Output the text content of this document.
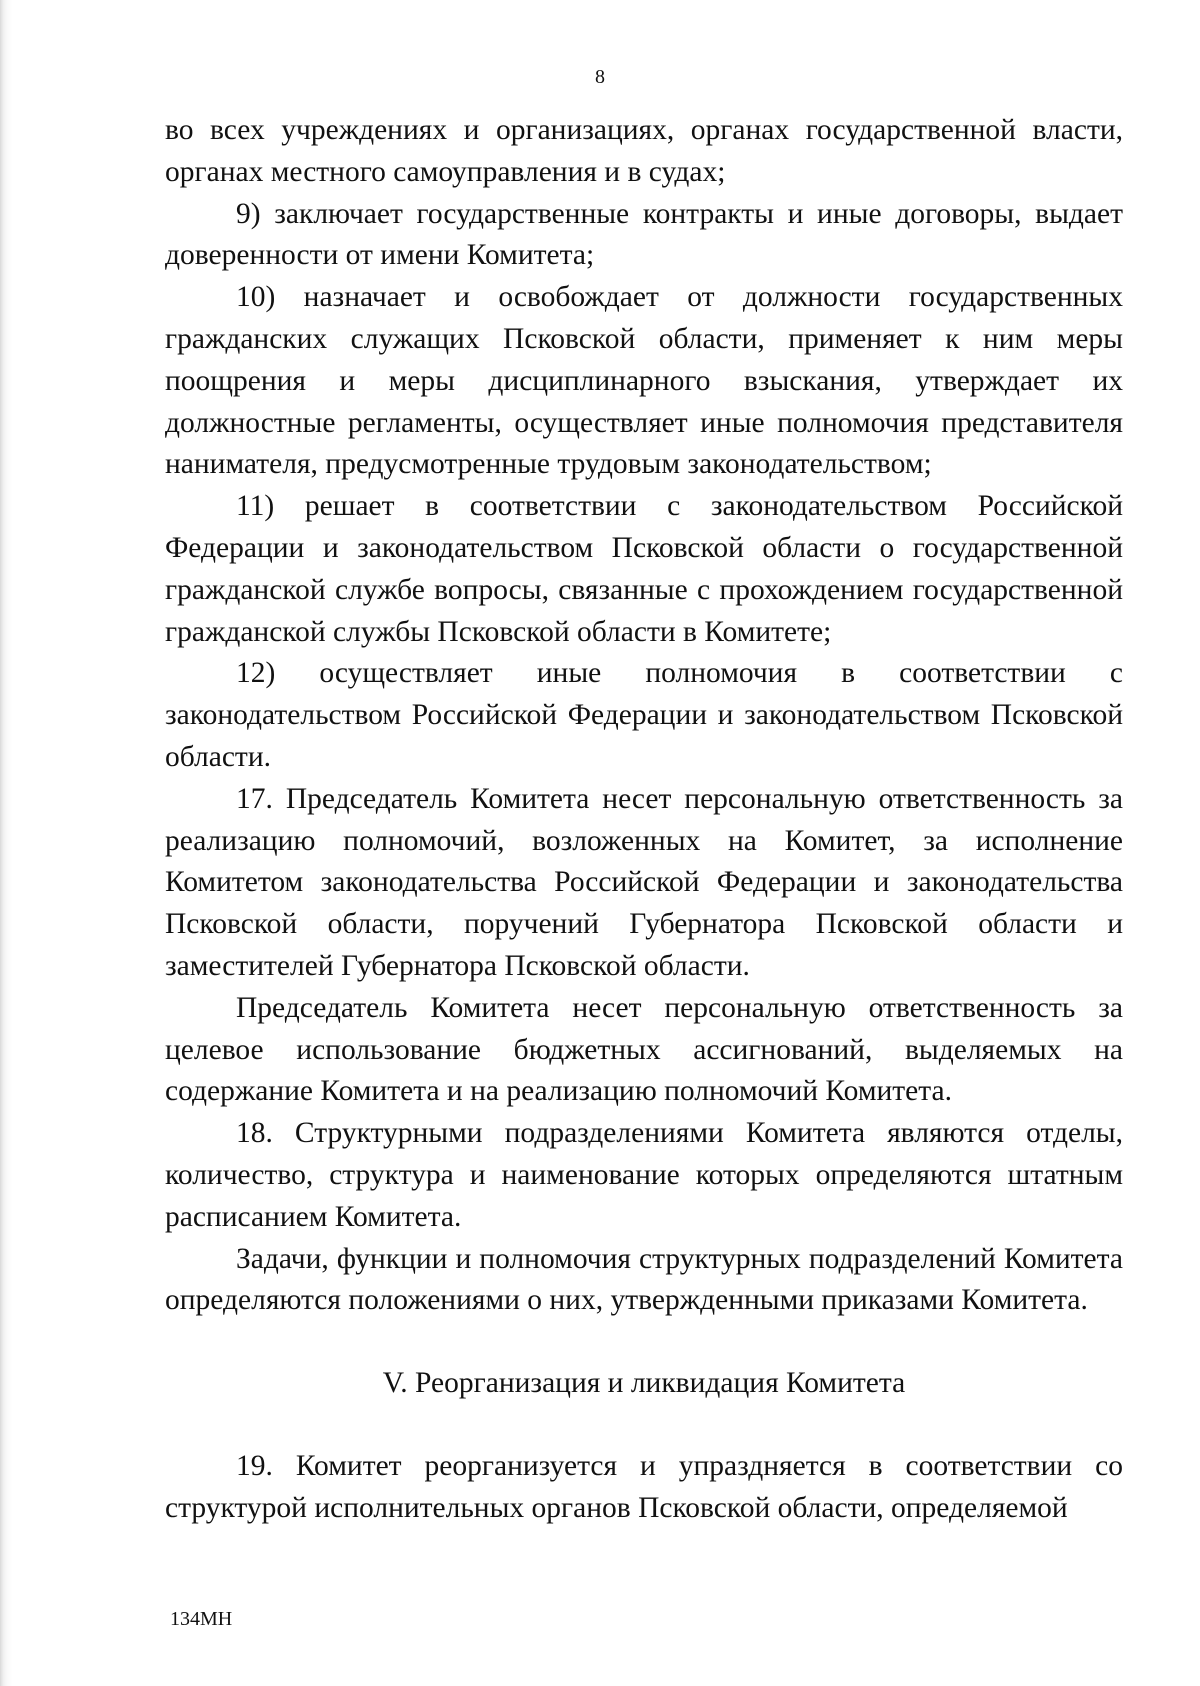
8

во всех учреждениях и организациях, органах государственной власти, органах местного самоуправления и в судах;

9) заключает государственные контракты и иные договоры, выдает доверенности от имени Комитета;

10) назначает и освобождает от должности государственных гражданских служащих Псковской области, применяет к ним меры поощрения и меры дисциплинарного взыскания, утверждает их должностные регламенты, осуществляет иные полномочия представителя нанимателя, предусмотренные трудовым законодательством;

11) решает в соответствии с законодательством Российской Федерации и законодательством Псковской области о государственной гражданской службе вопросы, связанные с прохождением государственной гражданской службы Псковской области в Комитете;

12) осуществляет иные полномочия в соответствии с законодательством Российской Федерации и законодательством Псковской области.

17. Председатель Комитета несет персональную ответственность за реализацию полномочий, возложенных на Комитет, за исполнение Комитетом законодательства Российской Федерации и законодательства Псковской области, поручений Губернатора Псковской области и заместителей Губернатора Псковской области.

Председатель Комитета несет персональную ответственность за целевое использование бюджетных ассигнований, выделяемых на содержание Комитета и на реализацию полномочий Комитета.

18. Структурными подразделениями Комитета являются отделы, количество, структура и наименование которых определяются штатным расписанием Комитета.

Задачи, функции и полномочия структурных подразделений Комитета определяются положениями о них, утвержденными приказами Комитета.

V. Реорганизация и ликвидация Комитета

19. Комитет реорганизуется и упраздняется в соответствии со структурой исполнительных органов Псковской области, определяемой

134МН
